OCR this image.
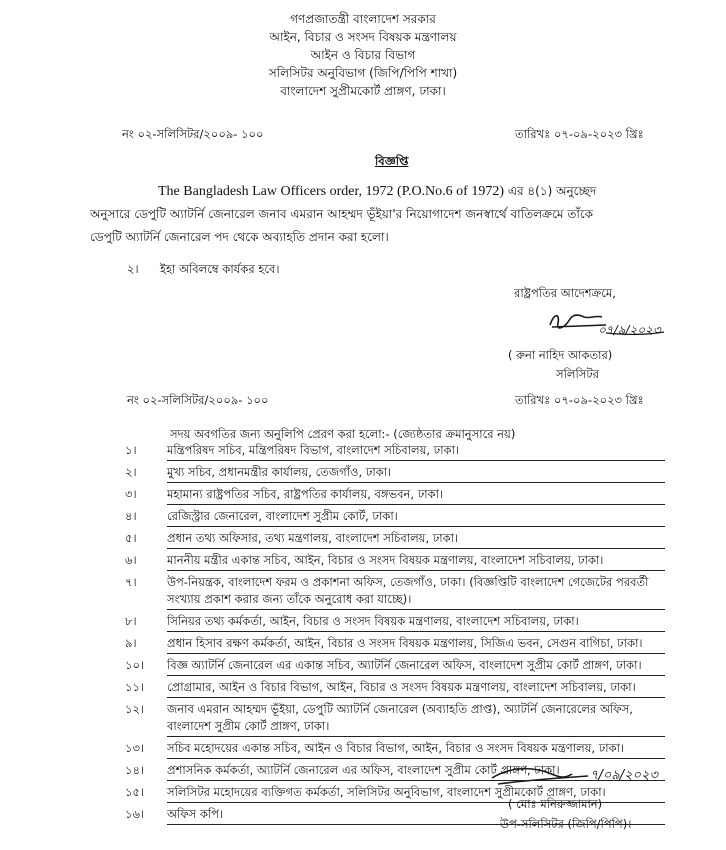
গণপ্রজাতন্ত্রী বাংলাদেশ সরকার
আইন, বিচার ও সংসদ বিষয়ক মন্ত্রণালয়
আইন ও বিচার বিভাগ
সলিসিটর অনুবিভাগ (জিপি/পিপি শাখা)
বাংলাদেশ সুপ্রীমকোর্ট প্রাঙ্গণ, ঢাকা।
নং ০২-সলিসিটর/২০০৯- ১০০	তারিখঃ ০৭-০৯-২০২৩ খ্রিঃ
বিজ্ঞপ্তি
The Bangladesh Law Officers order, 1972 (P.O.No.6 of 1972) এর ৪(১) অনুচ্ছেদ
অনুসারে ডেপুটি অ্যাটর্নি জেনারেল জনাব এমরান আহম্মদ ভূঁইয়া'র নিয়োগাদেশ জনস্বার্থে বাতিলক্রমে তাঁকে
ডেপুটি অ্যাটর্নি জেনারেল পদ থেকে অব্যাহতি প্রদান করা হলো।
২। ইহা অবিলম্বে কার্যকর হবে।
রাষ্ট্রপতির আদেশক্রমে,
০৭/৯/২০২৩
( রুনা নাহিদ আকতার)
সলিসিটর
নং ০২-সলিসিটর/২০০৯- ১০০	তারিখঃ ০৭-০৯-২০২৩ খ্রিঃ
সদয় অবগতির জন্য অনুলিপি প্রেরণ করা হলো:- (জ্যেষ্ঠতার ক্রমানুসারে নয়)
১।	মন্ত্রিপরিষদ সচিব, মন্ত্রিপরিষদ বিভাগ, বাংলাদেশ সচিবালয়, ঢাকা।
২।	মুখ্য সচিব, প্রধানমন্ত্রীর কার্যালয়, তেজগাঁও, ঢাকা।
৩।	মহামান্য রাষ্ট্রপতির সচিব, রাষ্ট্রপতির কার্যালয়, বঙ্গভবন, ঢাকা।
৪।	রেজিস্ট্রার জেনারেল, বাংলাদেশ সুপ্রীম কোর্ট, ঢাকা।
৫।	প্রধান তথ্য অফিসার, তথ্য মন্ত্রণালয়, বাংলাদেশ সচিবালয়, ঢাকা।
৬।	মাননীয় মন্ত্রীর একান্ত সচিব, আইন, বিচার ও সংসদ বিষয়ক মন্ত্রণালয়, বাংলাদেশ সচিবালয়, ঢাকা।
৭।	উপ-নিয়ন্ত্রক, বাংলাদেশ ফরম ও প্রকাশনা অফিস, তেজগাঁও, ঢাকা। (বিজ্ঞপ্তিটি বাংলাদেশ গেজেটের পরবর্তী
সংখ্যায় প্রকাশ করার জন্য তাঁকে অনুরোধ করা যাচ্ছে)।
৮।	সিনিয়র তথ্য কর্মকর্তা, আইন, বিচার ও সংসদ বিষয়ক মন্ত্রণালয়, বাংলাদেশ সচিবালয়, ঢাকা।
৯।	প্রধান হিসাব রক্ষণ কর্মকর্তা, আইন, বিচার ও সংসদ বিষয়ক মন্ত্রণালয়, সিজিএ ভবন, সেগুন বাগিচা, ঢাকা।
১০।	বিজ্ঞ অ্যাটর্নি জেনারেল এর একান্ত সচিব, অ্যাটর্নি জেনারেল অফিস, বাংলাদেশ সুপ্রীম কোর্ট প্রাঙ্গণ, ঢাকা।
১১।	প্রোগ্রামার, আইন ও বিচার বিভাগ, আইন, বিচার ও সংসদ বিষয়ক মন্ত্রণালয়, বাংলাদেশ সচিবালয়, ঢাকা।
১২।	জনাব এমরান আহম্মদ ভূঁইয়া, ডেপুটি অ্যাটর্নি জেনারেল (অব্যাহতি প্রাপ্ত), অ্যাটর্নি জেনারেলের অফিস,
বাংলাদেশ সুপ্রীম কোর্ট প্রাঙ্গণ, ঢাকা।
১৩।	সচিব মহোদয়ের একান্ত সচিব, আইন ও বিচার বিভাগ, আইন, বিচার ও সংসদ বিষয়ক মন্ত্রণালয়, ঢাকা।
১৪।	প্রশাসনিক কর্মকর্তা, অ্যাটর্নি জেনারেল এর অফিস, বাংলাদেশ সুপ্রীম কোর্ট প্রাঙ্গণ, ঢাকা।
১৫।	সলিসিটর মহোদয়ের ব্যক্তিগত কর্মকর্তা, সলিসিটর অনুবিভাগ, বাংলাদেশ সুপ্রীমকোর্ট প্রাঙ্গণ, ঢাকা।
১৬।	অফিস কপি।
৭/০৯/২০২৩
( মোঃ মনিরুজ্জামান)
উপ-সলিসিটর (জিপি/পিপি)।
